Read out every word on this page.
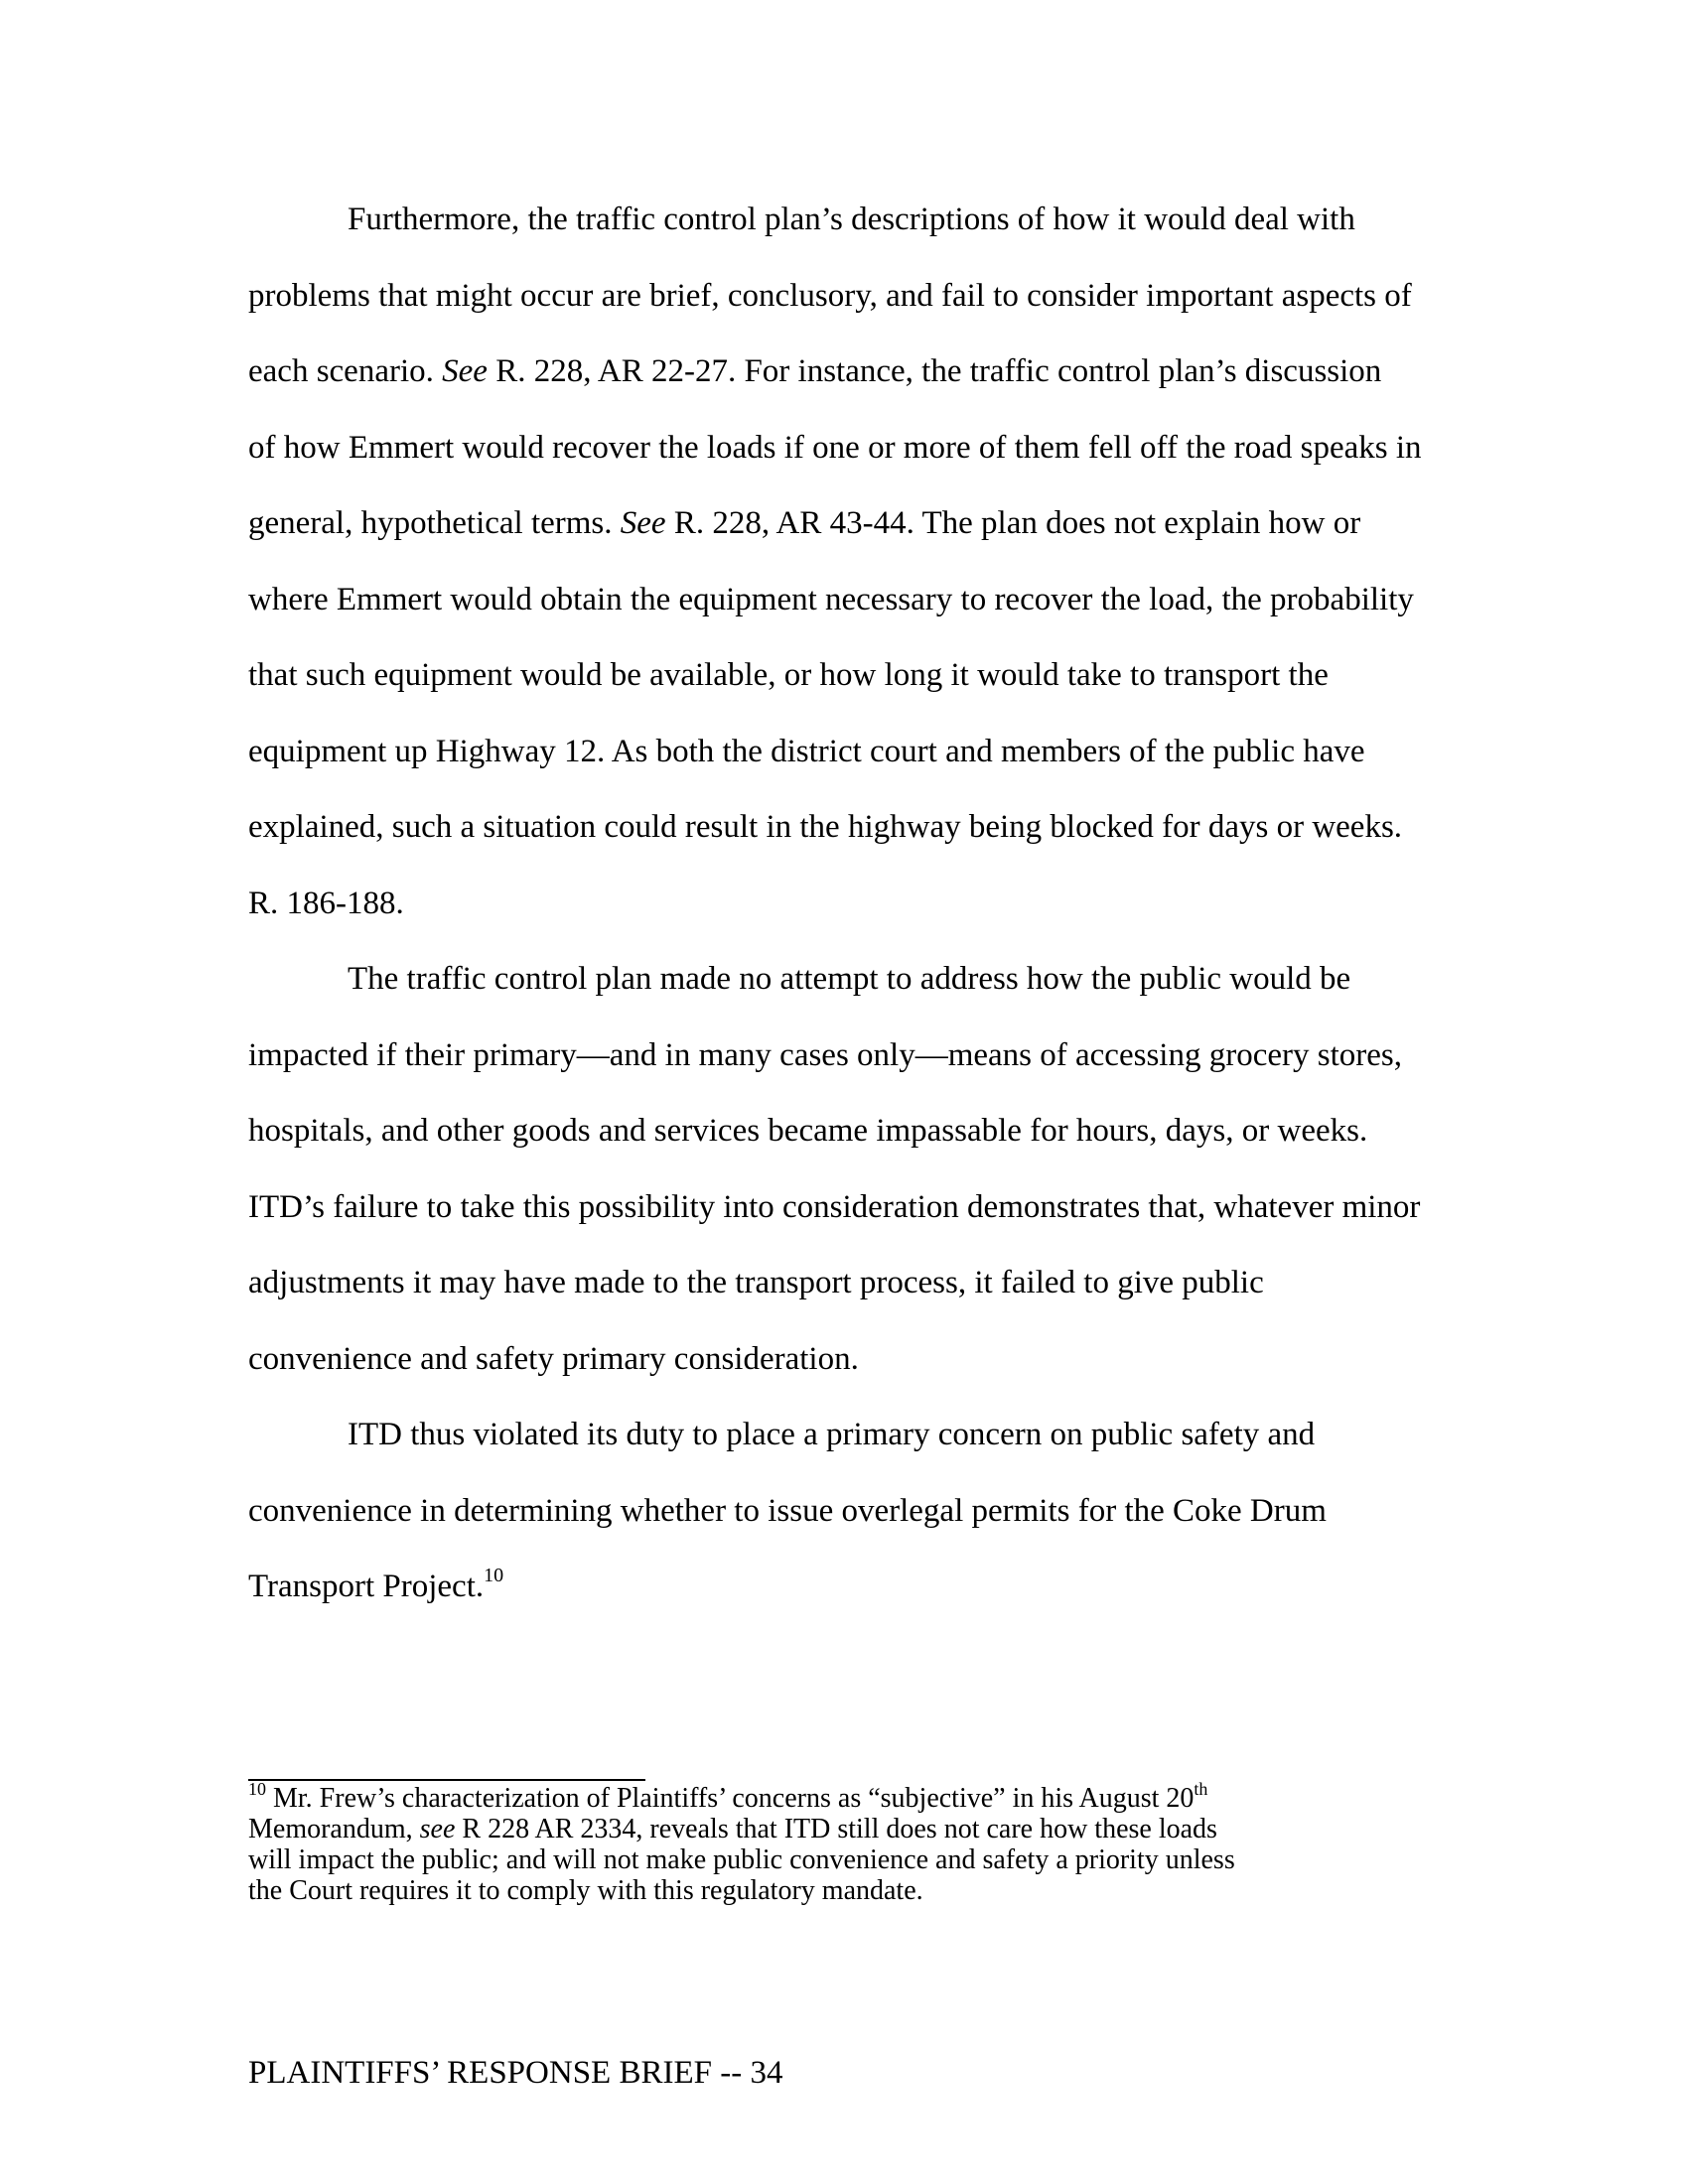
Furthermore, the traffic control plan’s descriptions of how it would deal with
problems that might occur are brief, conclusory, and fail to consider important aspects of
each scenario. See R. 228, AR 22-27. For instance, the traffic control plan’s discussion
of how Emmert would recover the loads if one or more of them fell off the road speaks in
general, hypothetical terms. See R. 228, AR 43-44. The plan does not explain how or
where Emmert would obtain the equipment necessary to recover the load, the probability
that such equipment would be available, or how long it would take to transport the
equipment up Highway 12. As both the district court and members of the public have
explained, such a situation could result in the highway being blocked for days or weeks.
R. 186-188.
The traffic control plan made no attempt to address how the public would be
impacted if their primary—and in many cases only—means of accessing grocery stores,
hospitals, and other goods and services became impassable for hours, days, or weeks.
ITD’s failure to take this possibility into consideration demonstrates that, whatever minor
adjustments it may have made to the transport process, it failed to give public
convenience and safety primary consideration.
ITD thus violated its duty to place a primary concern on public safety and
convenience in determining whether to issue overlegal permits for the Coke Drum
Transport Project.$^{10}$
$^{10}$ Mr. Frew’s characterization of Plaintiffs’ concerns as “subjective” in his August 20th
Memorandum, see R 228 AR 2334, reveals that ITD still does not care how these loads
will impact the public; and will not make public convenience and safety a priority unless
the Court requires it to comply with this regulatory mandate.
PLAINTIFFS’ RESPONSE BRIEF -- 34
